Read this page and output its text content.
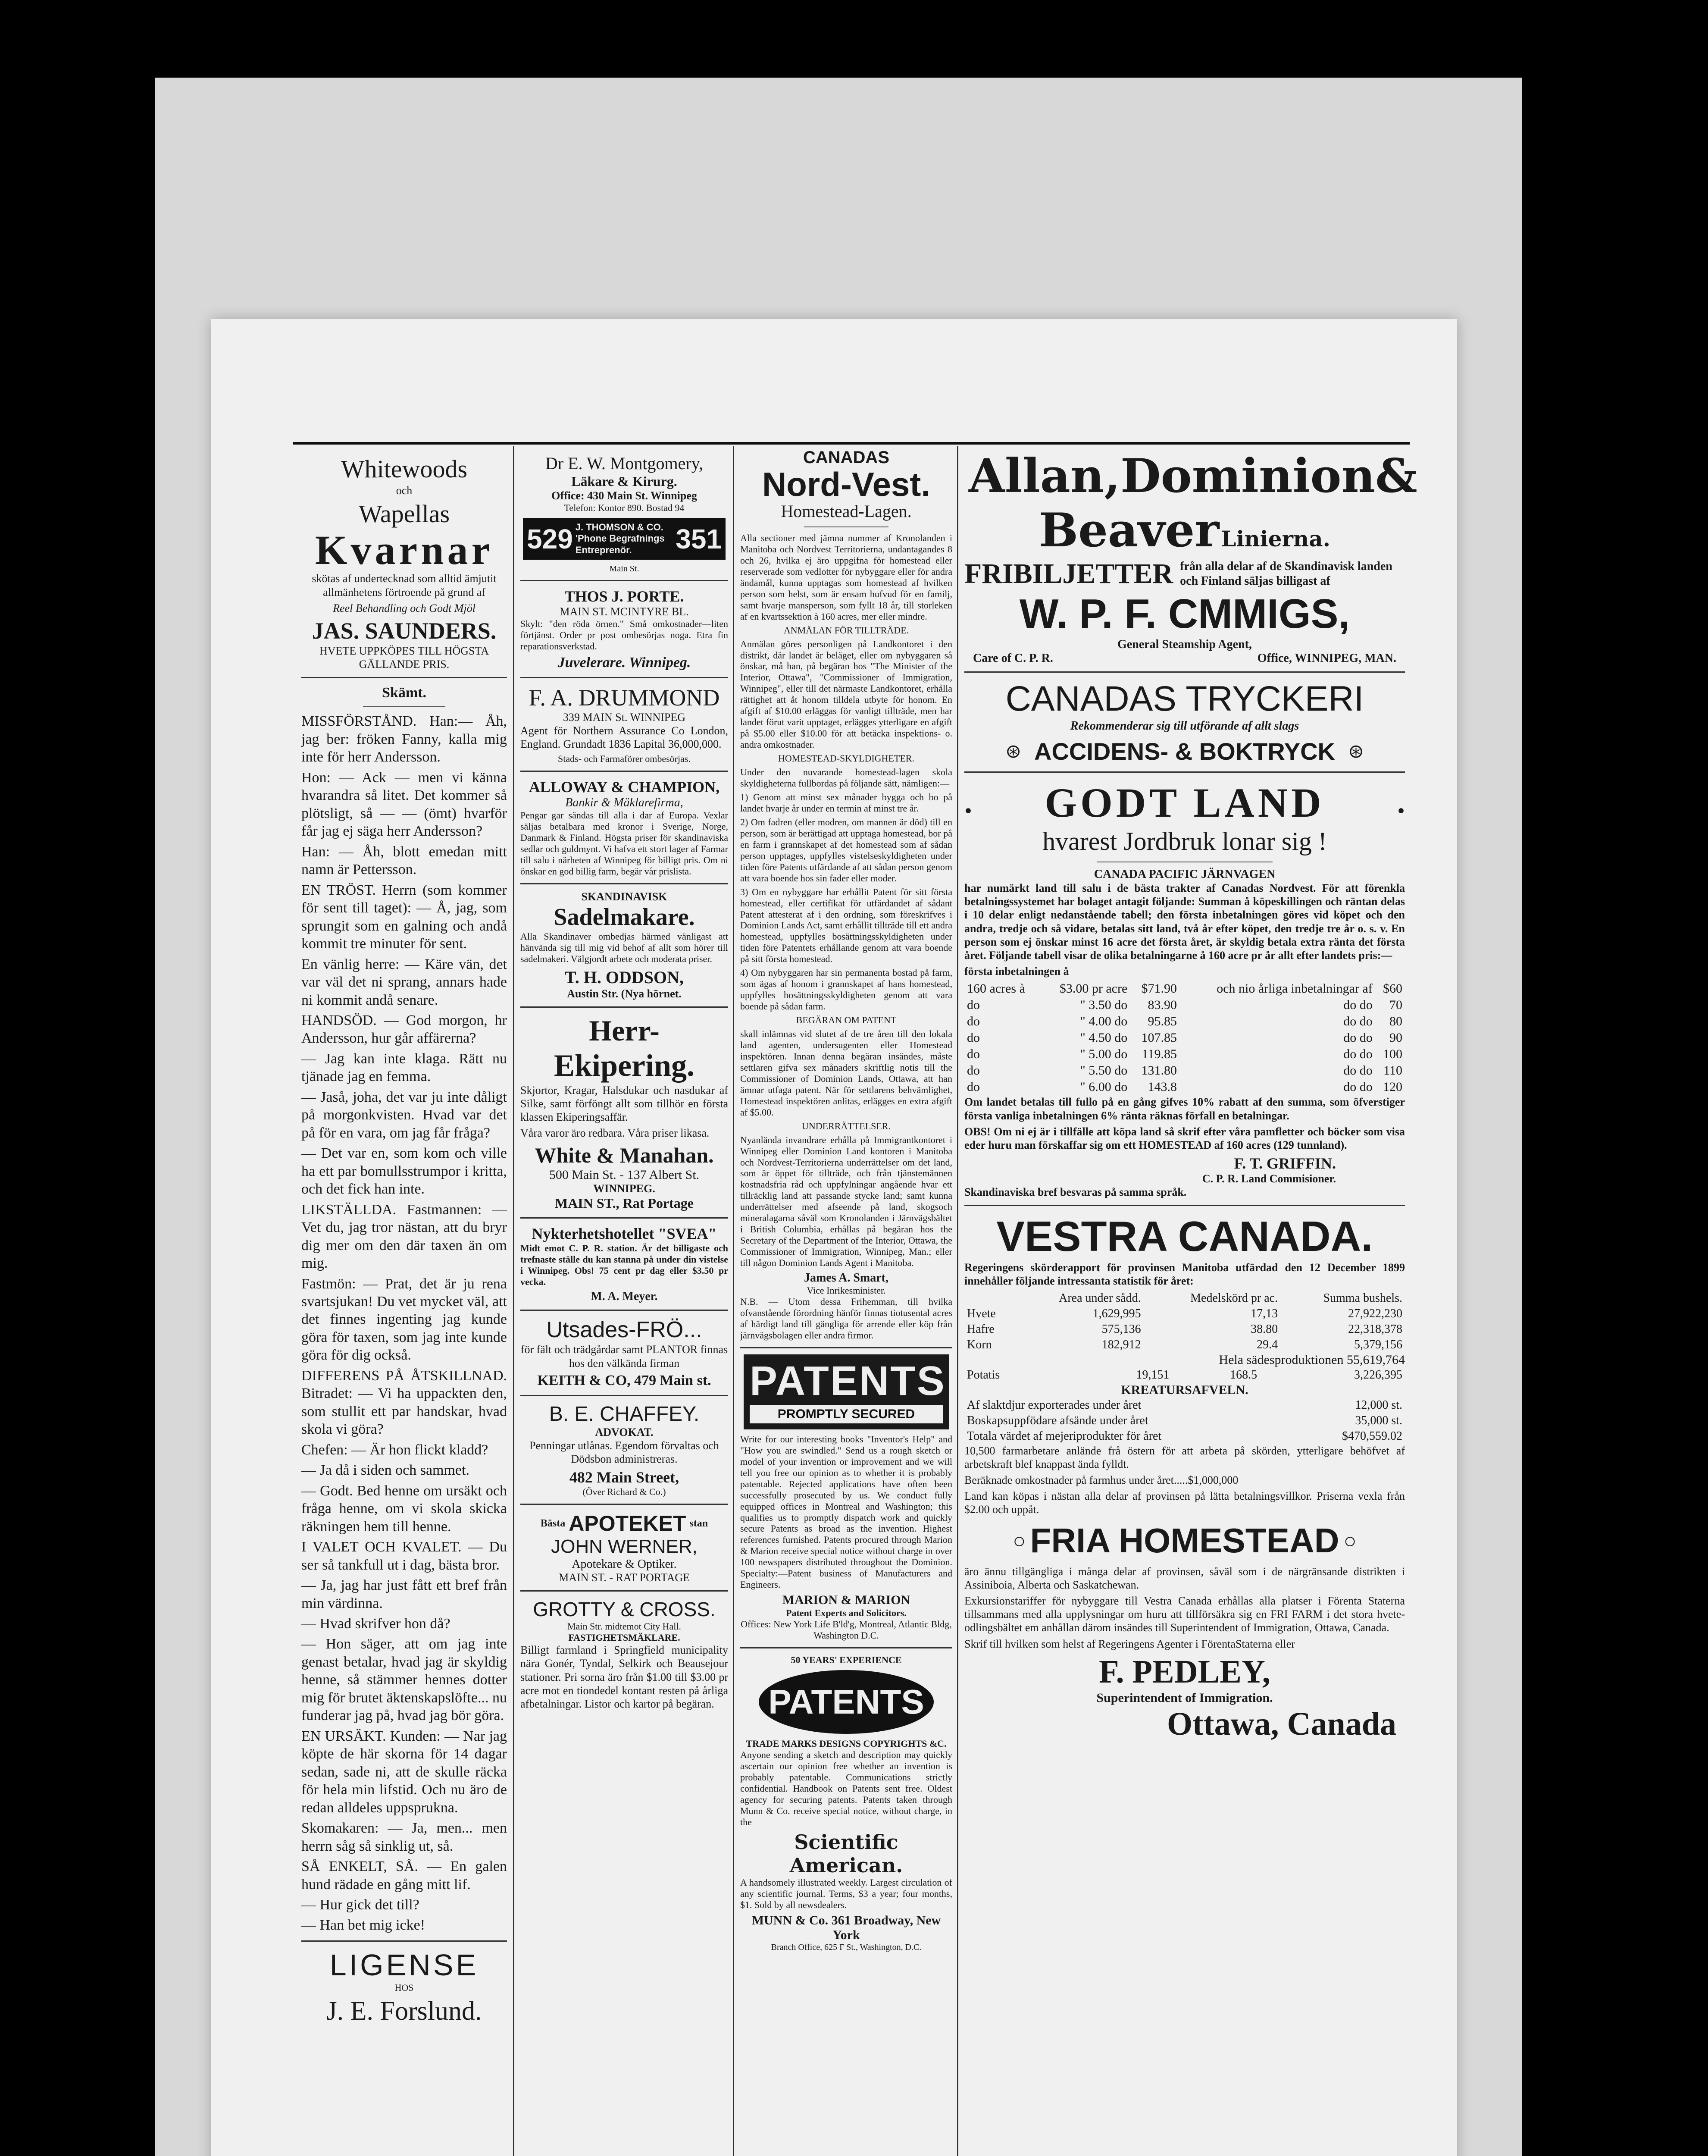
Whitewoods
och
Wapellas
Kvarnar
skötas af undertecknad som alltid ämjutit allmänhetens förtroende på grund af
Reel Behandling och Godt Mjöl
JAS. SAUNDERS.
HVETE UPPKÖPES TILL HÖGSTA GÄLLANDE PRIS.
Skämt.

MISSFÖRSTÅND. Han:— Åh, jag ber: fröken Fanny, kalla mig inte för herr Andersson.

Hon: — Ack — men vi känna hvarandra så litet. Det kommer så plötsligt, så — — (ömt) hvarför får jag ej säga herr Andersson?

Han: — Åh, blott emedan mitt namn är Pettersson.

EN TRÖST. Herrn (som kommer för sent till taget): — Å, jag, som sprungit som en galning och andå kommit tre minuter för sent.

En vänlig herre: — Käre vän, det var väl det ni sprang, annars hade ni kommit andå senare.

HANDSÖD. — God morgon, hr Andersson, hur går affärerna?

— Jag kan inte klaga. Rätt nu tjänade jag en femma.

— Jaså, joha, det var ju inte dåligt på morgonkvisten. Hvad var det på för en vara, om jag får fråga?

— Det var en, som kom och ville ha ett par bomullsstrumpor i kritta, och det fick han inte.

LIKSTÄLLDA. Fastmannen: — Vet du, jag tror nästan, att du bryr dig mer om den där taxen än om mig.

Fastmön: — Prat, det är ju rena svartsjukan! Du vet mycket väl, att det finnes ingenting jag kunde göra för taxen, som jag inte kunde göra för dig också.

DIFFERENS PÅ ÅTSKILLNAD. Bitradet: — Vi ha uppackten den, som stullit ett par handskar, hvad skola vi göra?

Chefen: — Är hon flickt kladd?

— Ja då i siden och sammet.

— Godt. Bed henne om ursäkt och fråga henne, om vi skola skicka räkningen hem till henne.

I VALET OCH KVALET. — Du ser så tankfull ut i dag, bästa bror.

— Ja, jag har just fått ett bref från min värdinna.

— Hvad skrifver hon då?

— Hon säger, att om jag inte genast betalar, hvad jag är skyldig henne, så stämmer hennes dotter mig för brutet äktenskapslöfte... nu funderar jag på, hvad jag bör göra.

EN URSÄKT. Kunden: — Nar jag köpte de här skorna för 14 dagar sedan, sade ni, att de skulle räcka för hela min lifstid. Och nu äro de redan alldeles uppsprukna.

Skomakaren: — Ja, men... men herrn såg så sinklig ut, så.

SÅ ENKELT, SÅ. — En galen hund rädade en gång mitt lif.

— Hur gick det till?

— Han bet mig icke!

LIGENSE
HOS
J. E. Forslund.
Dr E. W. Montgomery,
Läkare & Kirurg.
Office: 430 Main St. Winnipeg
Telefon: Kontor 890. Bostad 94
529 J. THOMSON & CO. 'Phone Begrafnings Entreprenör.	351
Main St.
THOS J. PORTE.
MAIN ST. MCINTYRE BL.
Skylt: "den röda örnen." Små omkostnader—liten förtjänst. Order pr post ombesörjas noga. Etra fin reparationsverkstad.
Juvelerare. Winnipeg.
F. A. DRUMMOND
339 MAIN St. WINNIPEG
Agent för Northern Assurance Co London, England. Grundadt 1836 Lapital 36,000,000.
Stads- och Farmaförer ombesörjas.
ALLOWAY & CHAMPION,
Bankir & Mäklarefirma,
Pengar gar sändas till alla i dar af Europa. Vexlar säljas betalbara med kronor i Sverige, Norge, Danmark & Finland. Högsta priser för skandinaviska sedlar och guldmynt. Vi hafva ett stort lager af Farmar till salu i närheten af Winnipeg för billigt pris. Om ni önskar en god billig farm, begär vår prislista.
SKANDINAVISK
Sadelmakare.
Alla Skandinaver ombedjas härmed vänligast att hänvända sig till mig vid behof af allt som hörer till sadelmakeri. Välgjordt arbete och moderata priser.
T. H. ODDSON,
Austin Str. (Nya hörnet.
Herr-
Ekipering.
Skjortor, Kragar, Halsdukar och nasdukar af Silke, samt förföngt allt som tillhör en första klassen Ekiperingsaffär.
Våra varor äro redbara. Våra priser likasa.
White & Manahan.
500 Main St. - 137 Albert St.
WINNIPEG.
MAIN ST., Rat Portage
Nykterhetshotellet "SVEA"
Midt emot C. P. R. station. Är det billigaste och trefnaste ställe du kan stanna på under din vistelse i Winnipeg. Obs! 75 cent pr dag eller $3.50 pr vecka.
M. A. Meyer.
Utsades-FRÖ...
för fält och trädgårdar samt PLANTOR finnas hos den välkända firman
KEITH & CO, 479 Main st.
B. E. CHAFFEY.
ADVOKAT.
Penningar utlånas. Egendom förvaltas och Dödsbon administreras.
482 Main Street,
(Över Richard & Co.)
Bästa APOTEKET stan
JOHN WERNER,
Apotekare & Optiker.
MAIN ST. - RAT PORTAGE
GROTTY & CROSS.
Main Str. midtemot City Hall.
FASTIGHETSMÄKLARE.
Billigt farmland i Springfield municipality nära Gonér, Tyndal, Selkirk och Beausejour stationer. Pri sorna äro från $1.00 till $3.00 pr acre mot en tiondedel kontant resten på årliga afbetalningar. Listor och kartor på begäran.
CANADAS
Nord-Vest.
Homestead-Lagen.

Alla sectioner med jämna nummer af Kronolanden i Manitoba och Nordvest Territorierna, undantagandes 8 och 26, hvilka ej äro uppgifna för homestead eller reserverade som vedlotter för nybyggare eller för andra ändamål, kunna upptagas som homestead af hvilken person som helst, som är ensam hufvud för en familj, samt hvarje mansperson, som fyllt 18 år, till storleken af en kvartssektion à 160 acres, mer eller mindre.

ANMÄLAN FÖR TILLTRÄDE.

Anmälan göres personligen på Landkontoret i den distrikt, där landet är beläget, eller om nybyggaren så önskar, må han, på begäran hos "The Minister of the Interior, Ottawa", "Commissioner of Immigration, Winnipeg", eller till det närmaste Landkontoret, erhålla rättighet att åt honom tilldela utbyte för honom. En afgift af $10.00 erläggas för vanligt tillträde, men har landet förut varit upptaget, erlägges ytterligare en afgift på $5.00 eller $10.00 för att betäcka inspektions- o. andra omkostnader.

HOMESTEAD-SKYLDIGHETER.

Under den nuvarande homestead-lagen skola skyldigheterna fullbordas på följande sätt, nämligen:—

1) Genom att minst sex månader bygga och bo på landet hvarje år under en termin af minst tre år.

2) Om fadren (eller modren, om mannen är död) till en person, som är berättigad att upptaga homestead, bor på en farm i grannskapet af det homestead som af sådan person upptages, uppfylles vistelseskyldigheten under tiden före Patents utfärdande af att sådan person genom att vara boende hos sin fader eller moder.

3) Om en nybyggare har erhållit Patent för sitt första homestead, eller certifikat för utfärdandet af sådant Patent attesterat af i den ordning, som föreskrifves i Dominion Lands Act, samt erhållit tillträde till ett andra homestead, uppfylles bosättningsskyldigheten under tiden före Patentets erhållande genom att vara boende på sitt första homestead.

4) Om nybyggaren har sin permanenta bostad på farm, som ägas af honom i grannskapet af hans homestead, uppfylles bosättningsskyldigheten genom att vara boende på sådan farm.

BEGÄRAN OM PATENT

skall inlämnas vid slutet af de tre åren till den lokala land agenten, undersugenten eller Homestead inspektören. Innan denna begäran insändes, måste settlaren gifva sex månaders skriftlig notis till the Commissioner of Dominion Lands, Ottawa, att han ämnar utfaga patent. När för settlarens behvämlighet, Homestead inspektören anlitas, erlägges en extra afgift af $5.00.

UNDERRÄTTELSER.

Nyanlända invandrare erhålla på Immigrantkontoret i Winnipeg eller Dominion Land kontoren i Manitoba och Nordvest-Territorierna underrättelser om det land, som är öppet för tillträde, och från tjänstemännen kostnadsfria råd och uppfylningar angående hvar ett tillräcklig land att passande stycke land; samt kunna underrättelser med afseende på land, skogsoch mineralagarna såväl som Kronolanden i Järnvägsbältet i British Columbia, erhållas på begäran hos the Secretary of the Department of the Interior, Ottawa, the Commissioner of Immigration, Winnipeg, Man.; eller till någon Dominion Lands Agent i Manitoba.

James A. Smart,
Vice Inrikesminister.

N.B. — Utom dessa Frihemman, till hvilka ofvanstående förordning hänför finnas tiotusental acres af härdigt land till gängliga för arrende eller köp från järnvägsbolagen eller andra firmor.

PATENTS
PROMPTLY SECURED

Write for our interesting books "Inventor's Help" and "How you are swindled." Send us a rough sketch or model of your invention or improvement and we will tell you free our opinion as to whether it is probably patentable. Rejected applications have often been successfully prosecuted by us. We conduct fully equipped offices in Montreal and Washington; this qualifies us to promptly dispatch work and quickly secure Patents as broad as the invention. Highest references furnished. Patents procured through Marion & Marion receive special notice without charge in over 100 newspapers distributed throughout the Dominion. Specialty:—Patent business of Manufacturers and Engineers.

MARION & MARION
Patent Experts and Solicitors.
Offices: New York Life B'ld'g, Montreal, Atlantic Bldg, Washington D.C.
50 YEARS' EXPERIENCE
PATENTS
TRADE MARKS DESIGNS COPYRIGHTS &C.

Anyone sending a sketch and description may quickly ascertain our opinion free whether an invention is probably patentable. Communications strictly confidential. Handbook on Patents sent free. Oldest agency for securing patents. Patents taken through Munn & Co. receive special notice, without charge, in the

Scientific American.

A handsomely illustrated weekly. Largest circulation of any scientific journal. Terms, $3 a year; four months, $1. Sold by all newsdealers.

MUNN & Co. 361 Broadway, New York
Branch Office, 625 F St., Washington, D.C.
Allan, Dominion &
Beaver Linierna.
FRIBILJETTER från alla delar af de Skandinavisk landen och Finland säljas billigast af
W. P. F. CMMIGS,
General Steamship Agent,
Care of C. P. R.	Office, WINNIPEG, MAN.
CANADAS TRYCKERI
Rekommenderar sig till utförande af allt slags
⊛ ACCIDENS- & BOKTRYCK ⊛
. GODT LAND .
hvarest Jordbruk lonar sig !
CANADA PACIFIC JÄRNVAGEN

har numärkt land till salu i de bästa trakter af Canadas Nordvest. För att förenkla betalningssystemet har bolaget antagit följande: Summan å köpeskillingen och räntan delas i 10 delar enligt nedanstående tabell; den första inbetalningen göres vid köpet och den andra, tredje och så vidare, betalas sitt land, två år efter köpet, den tredje tre år o. s. v. En person som ej önskar minst 16 acre det första året, är skyldig betala extra ränta det första året. Följande tabell visar de olika betalningarne å 160 acre pr år allt efter landets pris:—

första inbetalningen å
160 acres à	$3.00 pr acre	$71.90	och nio årliga inbetalningar af	$60
do	" 3.50 do	83.90	do do	70
do	" 4.00 do	95.85	do do	80
do	" 4.50 do	107.85	do do	90
do	" 5.00 do	119.85	do do	100
do	" 5.50 do	131.80	do do	110
do	" 6.00 do	143.8	do do	120

Om landet betalas till fullo på en gång gifves 10% rabatt af den summa, som öfverstiger första vanliga inbetalningen 6% ränta räknas förfall en betalningar.

OBS! Om ni ej är i tillfälle att köpa land så skrif efter våra pamfletter och böcker som visa eder huru man förskaffar sig om ett HOMESTEAD af 160 acres (129 tunnland).

F. T. GRIFFIN.
C. P. R. Land Commisioner.
Skandinaviska bref besvaras på samma språk.
VESTRA CANADA.

Regeringens skörderapport för provinsen Manitoba utfärdad den 12 December 1899 innehåller följande intressanta statistik för året:

	Area under sådd.	Medelskörd pr ac.	Summa bushels.
Hvete	1,629,995	17,13	27,922,230
Hafre	575,136	38.80	22,318,378
Korn	182,912	29.4	5,379,156
Hela sädesproduktionen 55,619,764
Potatis	19,151	168.5	3,226,395
KREATURSAFVELN.
Af slaktdjur exporterades under året	12,000 st.
Boskapsuppfödare afsände under året	35,000 st.
Totala värdet af mejeriprodukter för året	$470,559.02

10,500 farmarbetare anlände frå östern för att arbeta på skörden, ytterligare behöfvet af arbetskraft blef knappast ända fylldt.

Beräknade omkostnader på farmhus under året.....$1,000,000

Land kan köpas i nästan alla delar af provinsen på lätta betalningsvillkor. Priserna vexla från $2.00 och uppåt.

○ FRIA HOMESTEAD ○

äro ännu tillgängliga i många delar af provinsen, såväl som i de närgränsande distrikten i Assiniboia, Alberta och Saskatchewan.

Exkursionstariffer för nybyggare till Vestra Canada erhållas alla platser i Förenta Staterna tillsammans med alla upplysningar om huru att tillförsäkra sig en FRI FARM i det stora hvete-odlingsbältet em anhållan därom insändes till Superintendent of Immigration, Ottawa, Canada.

Skrif till hvilken som helst af Regeringens Agenter i FörentaStaterna eller

F. PEDLEY,
Superintendent of Immigration.
Ottawa, Canada
